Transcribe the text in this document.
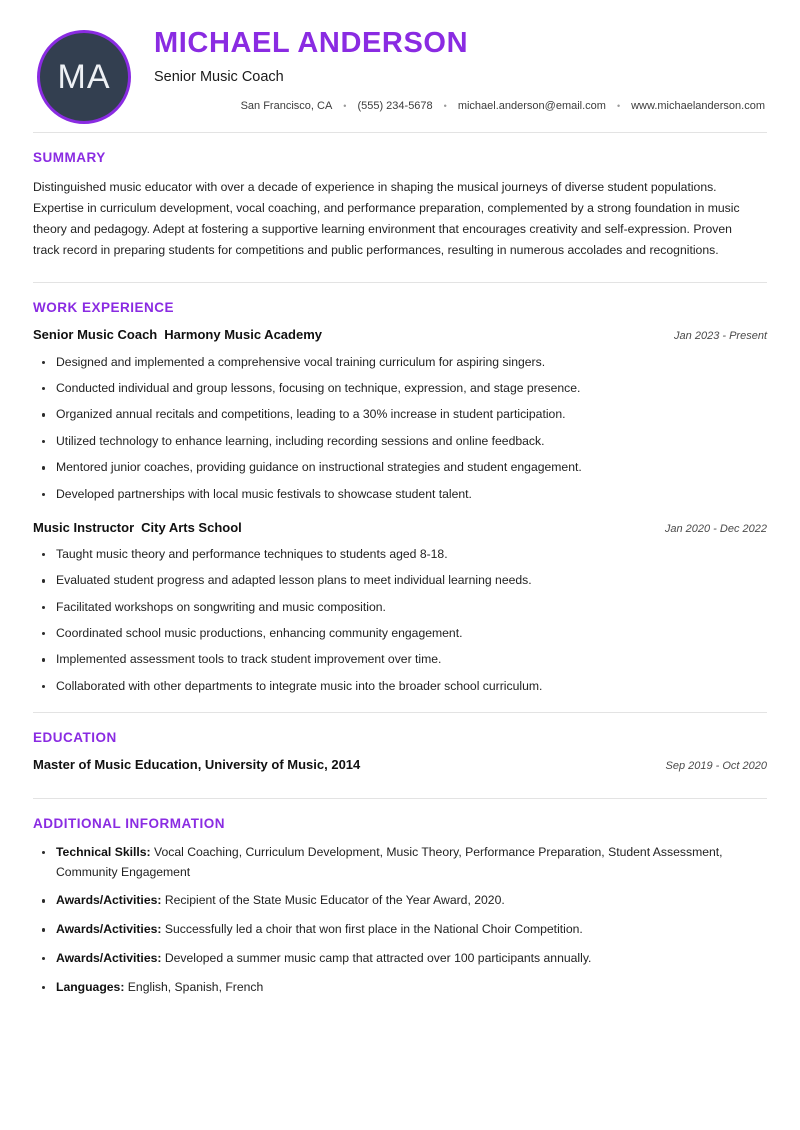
MA
MICHAEL ANDERSON
Senior Music Coach
San Francisco, CA	•	(555) 234-5678	•	michael.anderson@email.com	•	www.michaelanderson.com
SUMMARY

Distinguished music educator with over a decade of experience in shaping the musical journeys of diverse student populations. Expertise in curriculum development, vocal coaching, and performance preparation, complemented by a strong foundation in music theory and pedagogy. Adept at fostering a supportive learning environment that encourages creativity and self-expression. Proven track record in preparing students for competitions and public performances, resulting in numerous accolades and recognitions.

WORK EXPERIENCE
Senior Music Coach Harmony Music Academy	Jan 2023 - Present
Designed and implemented a comprehensive vocal training curriculum for aspiring singers.
Conducted individual and group lessons, focusing on technique, expression, and stage presence.
Organized annual recitals and competitions, leading to a 30% increase in student participation.
Utilized technology to enhance learning, including recording sessions and online feedback.
Mentored junior coaches, providing guidance on instructional strategies and student engagement.
Developed partnerships with local music festivals to showcase student talent.
Music Instructor City Arts School	Jan 2020 - Dec 2022
Taught music theory and performance techniques to students aged 8-18.
Evaluated student progress and adapted lesson plans to meet individual learning needs.
Facilitated workshops on songwriting and music composition.
Coordinated school music productions, enhancing community engagement.
Implemented assessment tools to track student improvement over time.
Collaborated with other departments to integrate music into the broader school curriculum.
EDUCATION
Master of Music Education, University of Music, 2014	Sep 2019 - Oct 2020
ADDITIONAL INFORMATION
Technical Skills: Vocal Coaching, Curriculum Development, Music Theory, Performance Preparation, Student Assessment, Community Engagement
Awards/Activities: Recipient of the State Music Educator of the Year Award, 2020.
Awards/Activities: Successfully led a choir that won first place in the National Choir Competition.
Awards/Activities: Developed a summer music camp that attracted over 100 participants annually.
Languages: English, Spanish, French
